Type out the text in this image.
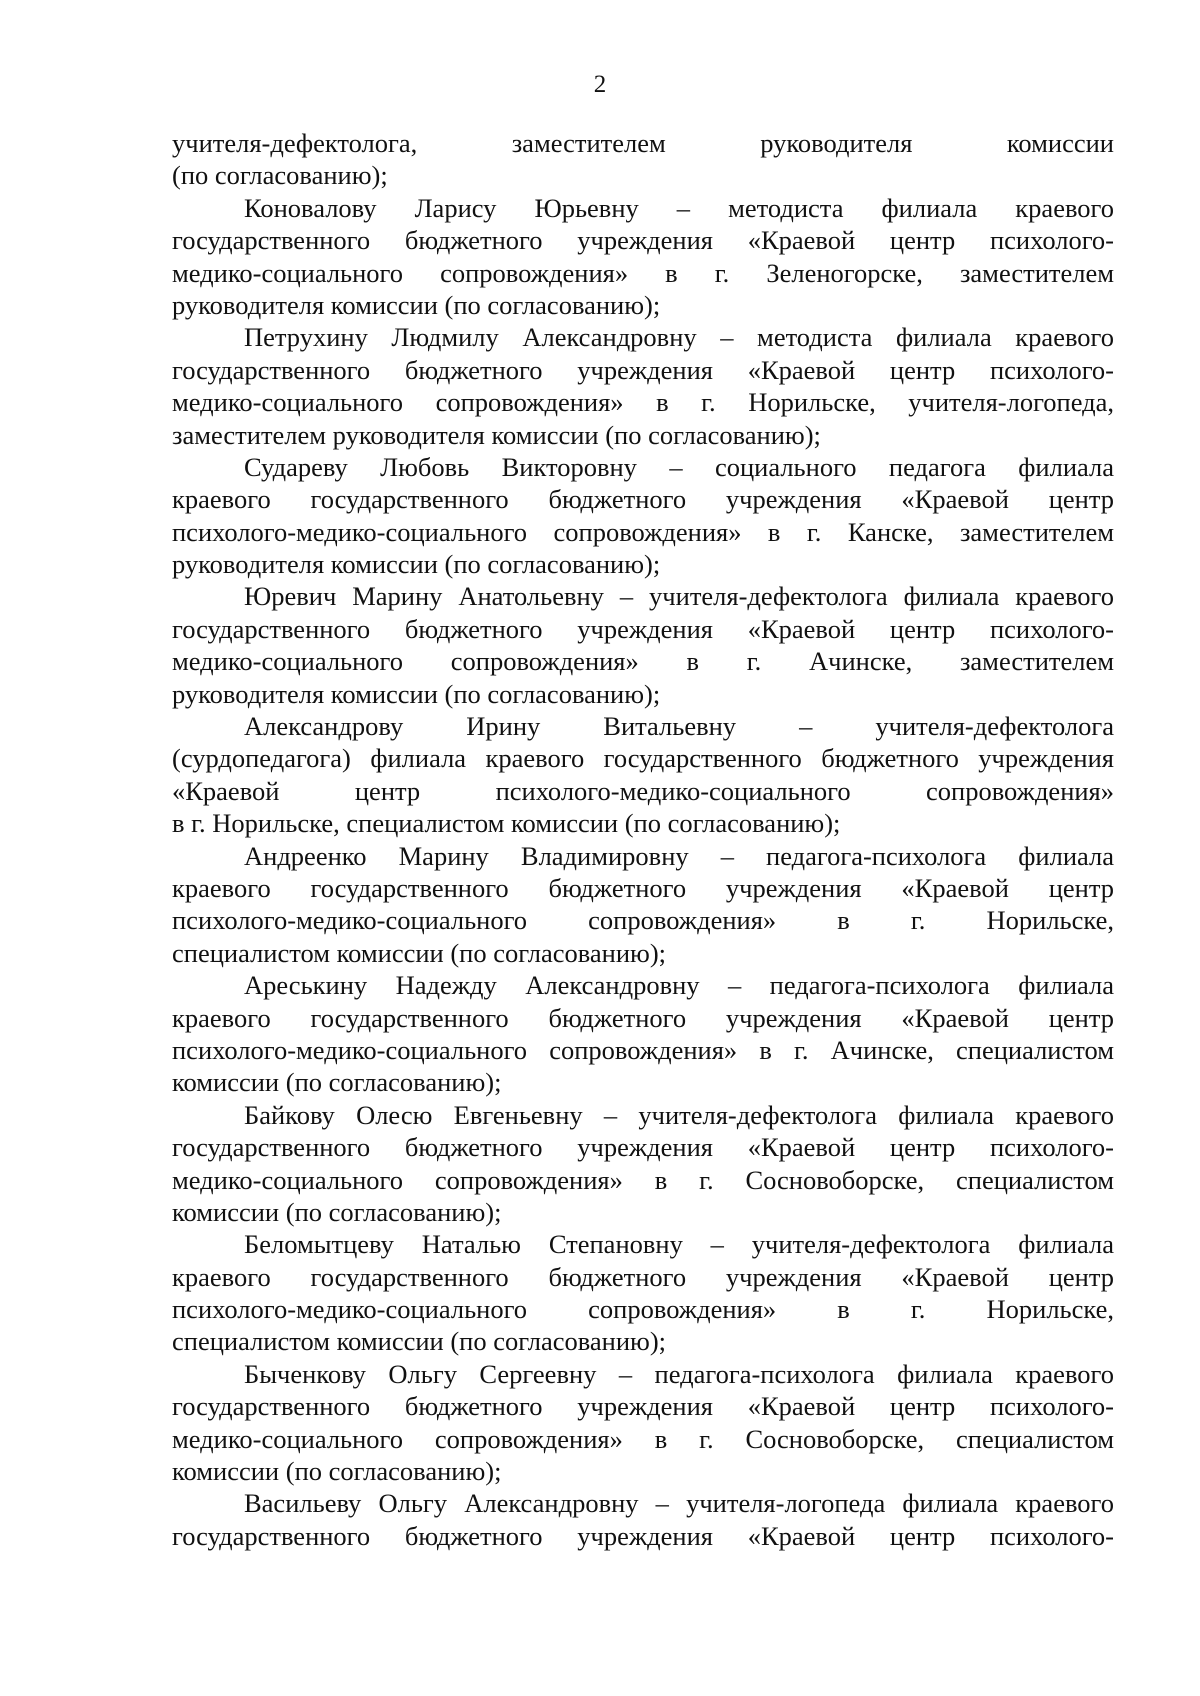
2
учителя-дефектолога, заместителем руководителя комиссии
(по согласованию);
Коновалову Ларису Юрьевну – методиста филиала краевого
государственного бюджетного учреждения «Краевой центр психолого-
медико-социального сопровождения» в г. Зеленогорске, заместителем
руководителя комиссии (по согласованию);
Петрухину Людмилу Александровну – методиста филиала краевого
государственного бюджетного учреждения «Краевой центр психолого-
медико-социального сопровождения» в г. Норильске, учителя-логопеда,
заместителем руководителя комиссии (по согласованию);
Судареву Любовь Викторовну – социального педагога филиала
краевого государственного бюджетного учреждения «Краевой центр
психолого-медико-социального сопровождения» в г. Канске, заместителем
руководителя комиссии (по согласованию);
Юревич Марину Анатольевну – учителя-дефектолога филиала краевого
государственного бюджетного учреждения «Краевой центр психолого-
медико-социального сопровождения» в г. Ачинске, заместителем
руководителя комиссии (по согласованию);
Александрову Ирину Витальевну – учителя-дефектолога
(сурдопедагога) филиала краевого государственного бюджетного учреждения
«Краевой центр психолого-медико-социального сопровождения»
в г. Норильске, специалистом комиссии (по согласованию);
Андреенко Марину Владимировну – педагога-психолога филиала
краевого государственного бюджетного учреждения «Краевой центр
психолого-медико-социального сопровождения» в г. Норильске,
специалистом комиссии (по согласованию);
Ареськину Надежду Александровну – педагога-психолога филиала
краевого государственного бюджетного учреждения «Краевой центр
психолого-медико-социального сопровождения» в г. Ачинске, специалистом
комиссии (по согласованию);
Байкову Олесю Евгеньевну – учителя-дефектолога филиала краевого
государственного бюджетного учреждения «Краевой центр психолого-
медико-социального сопровождения» в г. Сосновоборске, специалистом
комиссии (по согласованию);
Беломытцеву Наталью Степановну – учителя-дефектолога филиала
краевого государственного бюджетного учреждения «Краевой центр
психолого-медико-социального сопровождения» в г. Норильске,
специалистом комиссии (по согласованию);
Быченкову Ольгу Сергеевну – педагога-психолога филиала краевого
государственного бюджетного учреждения «Краевой центр психолого-
медико-социального сопровождения» в г. Сосновоборске, специалистом
комиссии (по согласованию);
Васильеву Ольгу Александровну – учителя-логопеда филиала краевого
государственного бюджетного учреждения «Краевой центр психолого-
